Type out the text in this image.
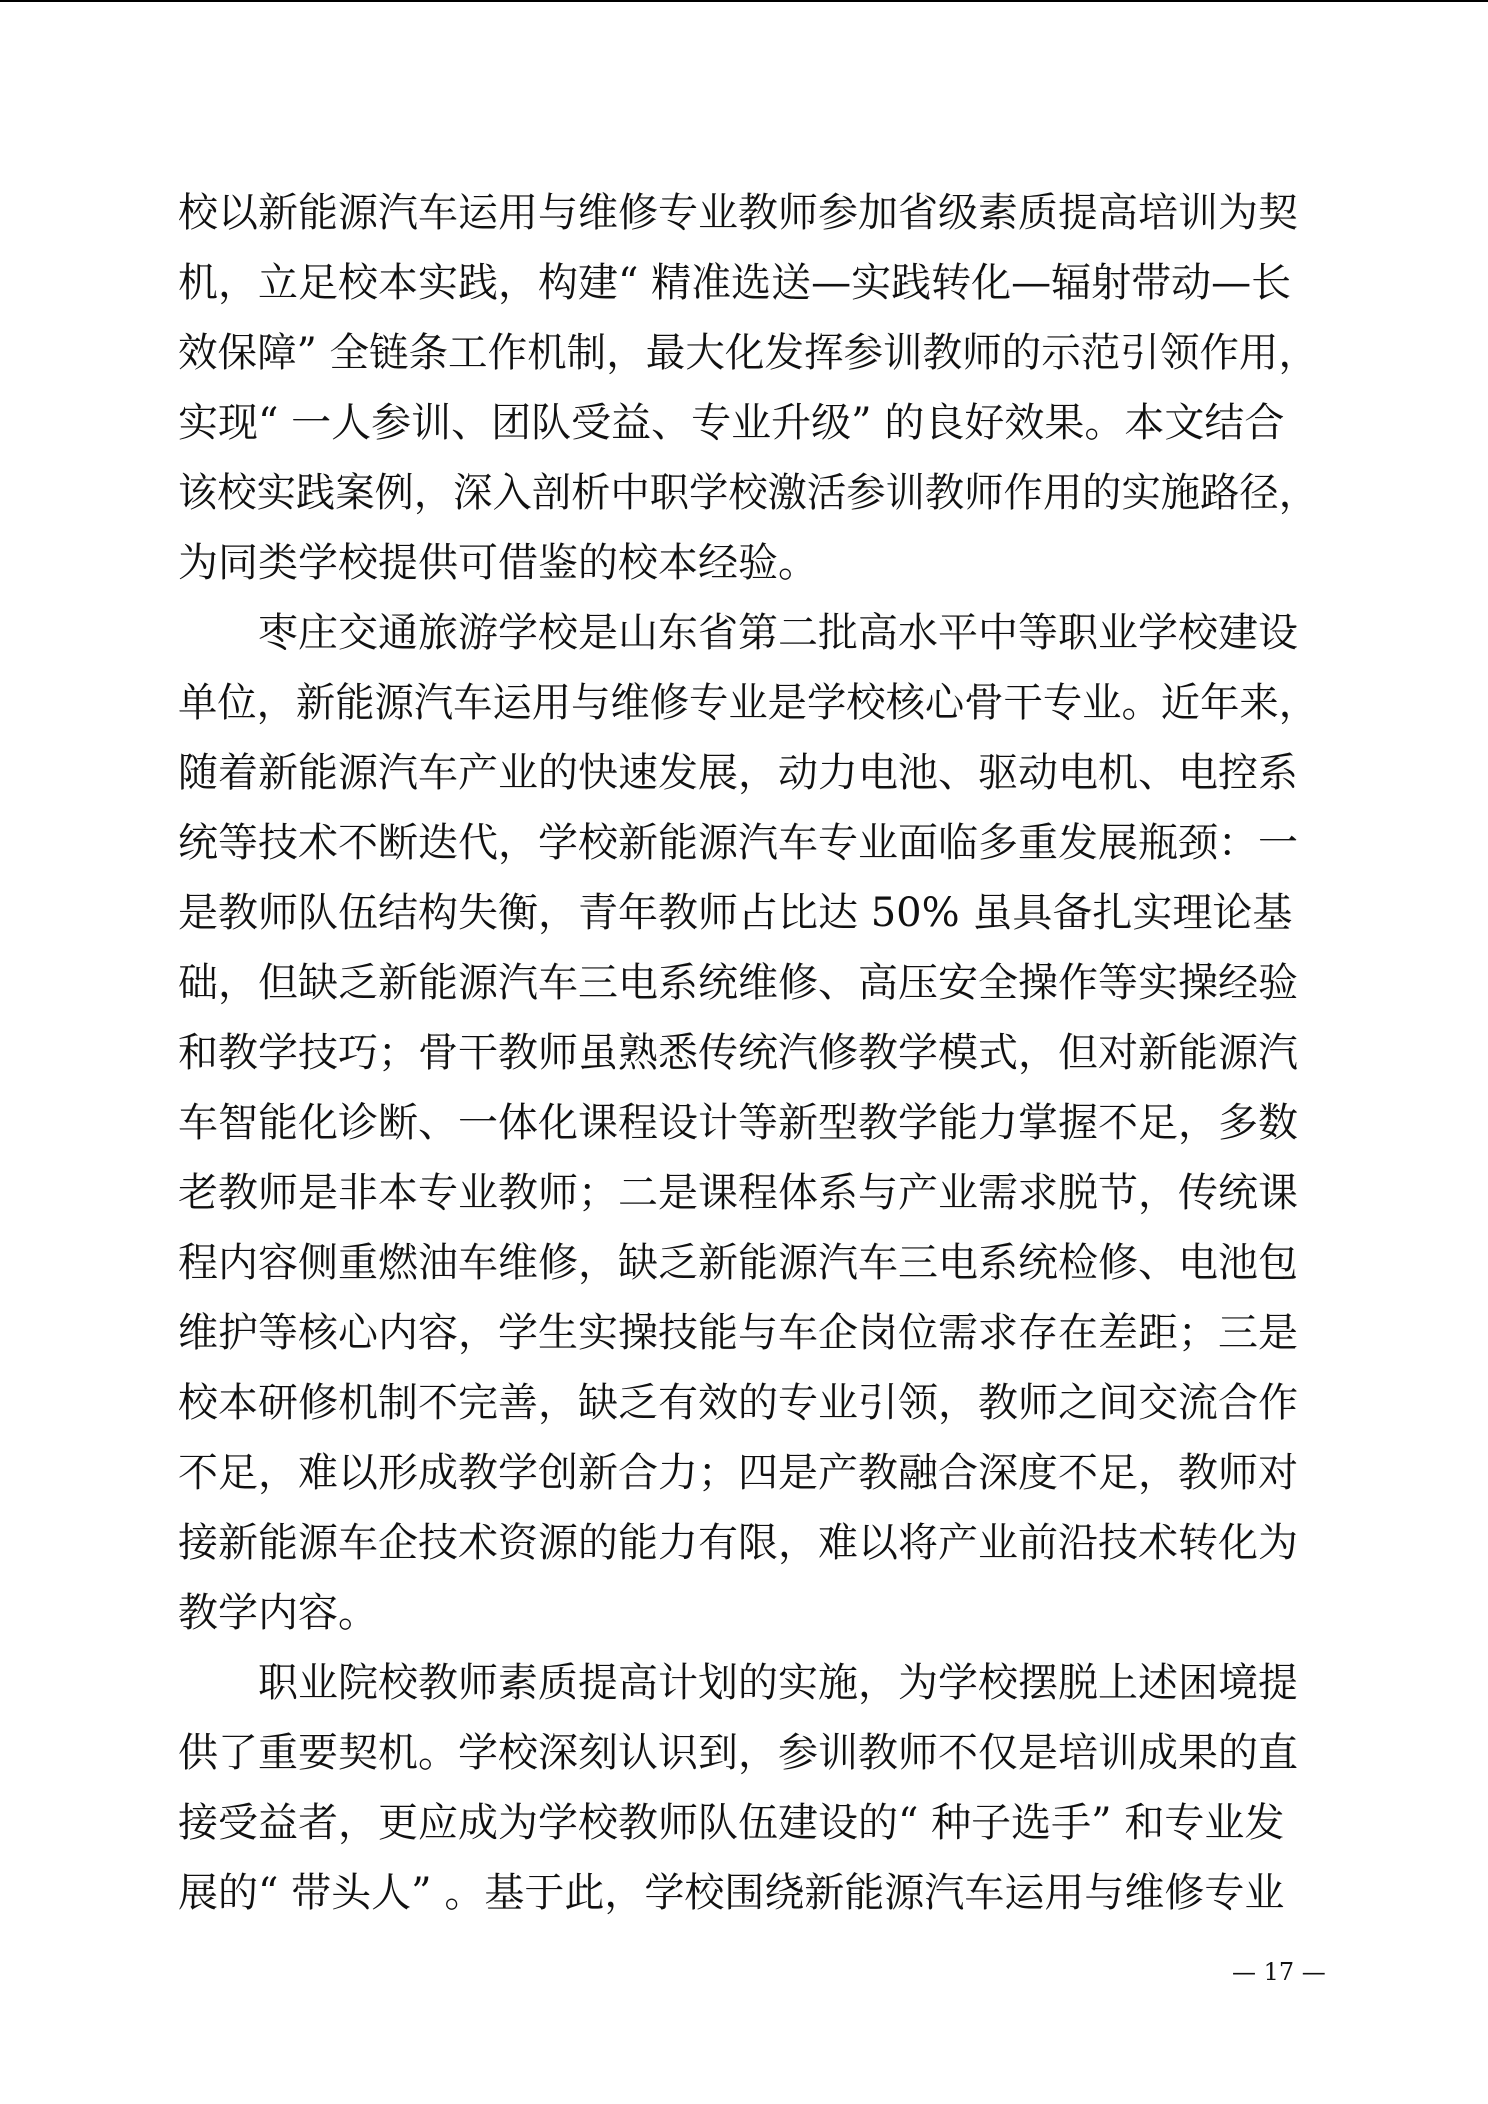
校以新能源汽车运用与维修专业教师参加省级素质提高培训为契
机，立足校本实践，构建“ 精准选送—实践转化—辐射带动—长
效保障” 全链条工作机制，最大化发挥参训教师的示范引领作用，
实现“ 一人参训、团队受益、专业升级” 的良好效果。本文结合
该校实践案例，深入剖析中职学校激活参训教师作用的实施路径，
为同类学校提供可借鉴的校本经验。
枣庄交通旅游学校是山东省第二批高水平中等职业学校建设
单位，新能源汽车运用与维修专业是学校核心骨干专业。近年来，
随着新能源汽车产业的快速发展，动力电池、驱动电机、电控系
统等技术不断迭代，学校新能源汽车专业面临多重发展瓶颈：一
是教师队伍结构失衡，青年教师占比达 50% 虽具备扎实理论基
础，但缺乏新能源汽车三电系统维修、高压安全操作等实操经验
和教学技巧；骨干教师虽熟悉传统汽修教学模式，但对新能源汽
车智能化诊断、一体化课程设计等新型教学能力掌握不足，多数
老教师是非本专业教师；二是课程体系与产业需求脱节，传统课
程内容侧重燃油车维修，缺乏新能源汽车三电系统检修、电池包
维护等核心内容，学生实操技能与车企岗位需求存在差距；三是
校本研修机制不完善，缺乏有效的专业引领，教师之间交流合作
不足，难以形成教学创新合力；四是产教融合深度不足，教师对
接新能源车企技术资源的能力有限，难以将产业前沿技术转化为
教学内容。
职业院校教师素质提高计划的实施，为学校摆脱上述困境提
供了重要契机。学校深刻认识到，参训教师不仅是培训成果的直
接受益者，更应成为学校教师队伍建设的“ 种子选手” 和专业发
展的“ 带头人” 。基于此，学校围绕新能源汽车运用与维修专业
— 17 —
